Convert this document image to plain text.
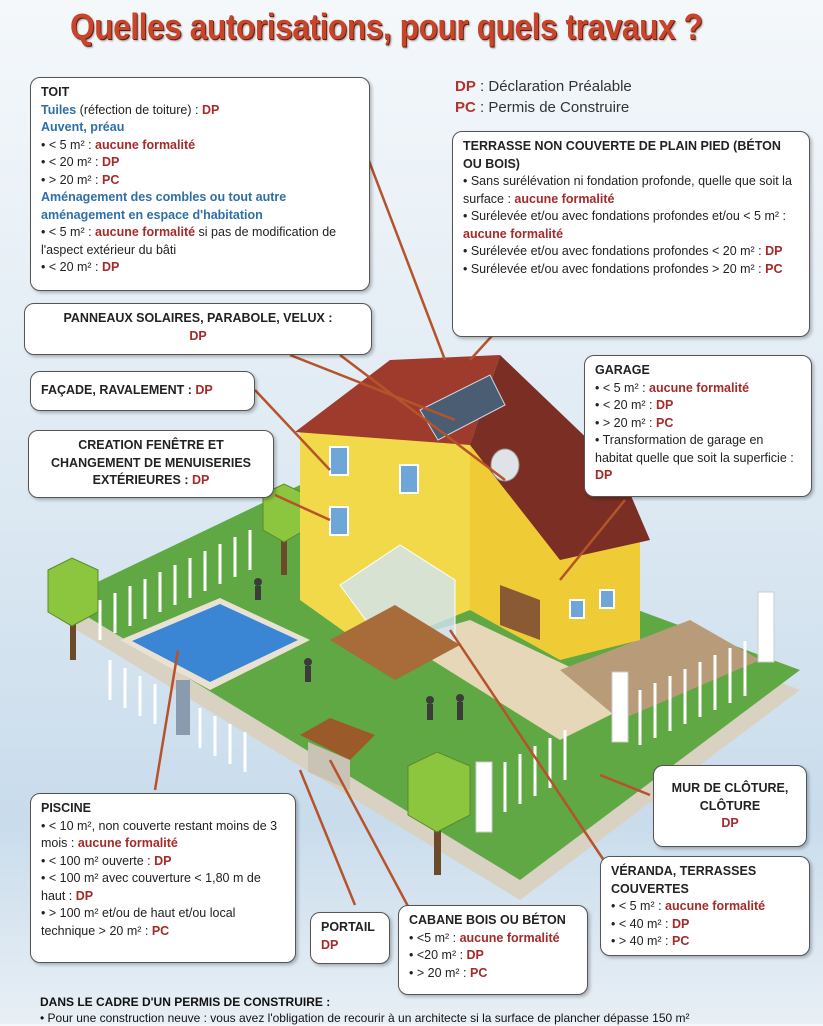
Quelles autorisations, pour quels travaux ?
DP : Déclaration Préalable
PC : Permis de Construire
TOIT
Tuiles (réfection de toiture) : DP
Auvent, préau
• < 5 m² : aucune formalité
• < 20 m² : DP
• > 20 m² : PC
Aménagement des combles ou tout autre aménagement en espace d'habitation
• < 5 m² : aucune formalité si pas de modification de l'aspect extérieur du bâti
• < 20 m² : DP
TERRASSE NON COUVERTE DE PLAIN PIED (BÉTON OU BOIS)
• Sans surélévation ni fondation profonde, quelle que soit la surface : aucune formalité
• Surélevée et/ou avec fondations profondes et/ou < 5 m² : aucune formalité
• Surélevée et/ou avec fondations profondes < 20 m² : DP
• Surélevée et/ou avec fondations profondes > 20 m² : PC
PANNEAUX SOLAIRES, PARABOLE, VELUX :
DP
FAÇADE, RAVALEMENT : DP
CREATION FENÊTRE ET CHANGEMENT DE MENUISERIES EXTÉRIEURES : DP
GARAGE
• < 5 m² : aucune formalité
• < 20 m² : DP
• > 20 m² : PC
• Transformation de garage en habitat quelle que soit la superficie : DP
MUR DE CLÔTURE, CLÔTURE
DP
PISCINE
• < 10 m², non couverte restant moins de 3 mois : aucune formalité
• < 100 m² ouverte : DP
• < 100 m² avec couverture < 1,80 m de haut : DP
• > 100 m² et/ou de haut et/ou local technique > 20 m² : PC	PORTAIL
DP
CABANE BOIS OU BÉTON
• <5 m² : aucune formalité
• <20 m² : DP
• > 20 m² : PC
VÉRANDA, TERRASSES COUVERTES
• < 5 m² : aucune formalité
• < 40 m² : DP
• > 40 m² : PC
DANS LE CADRE D'UN PERMIS DE CONSTRUIRE :
• Pour une construction neuve : vous avez l'obligation de recourir à un architecte si la surface de plancher dépasse 150 m²
